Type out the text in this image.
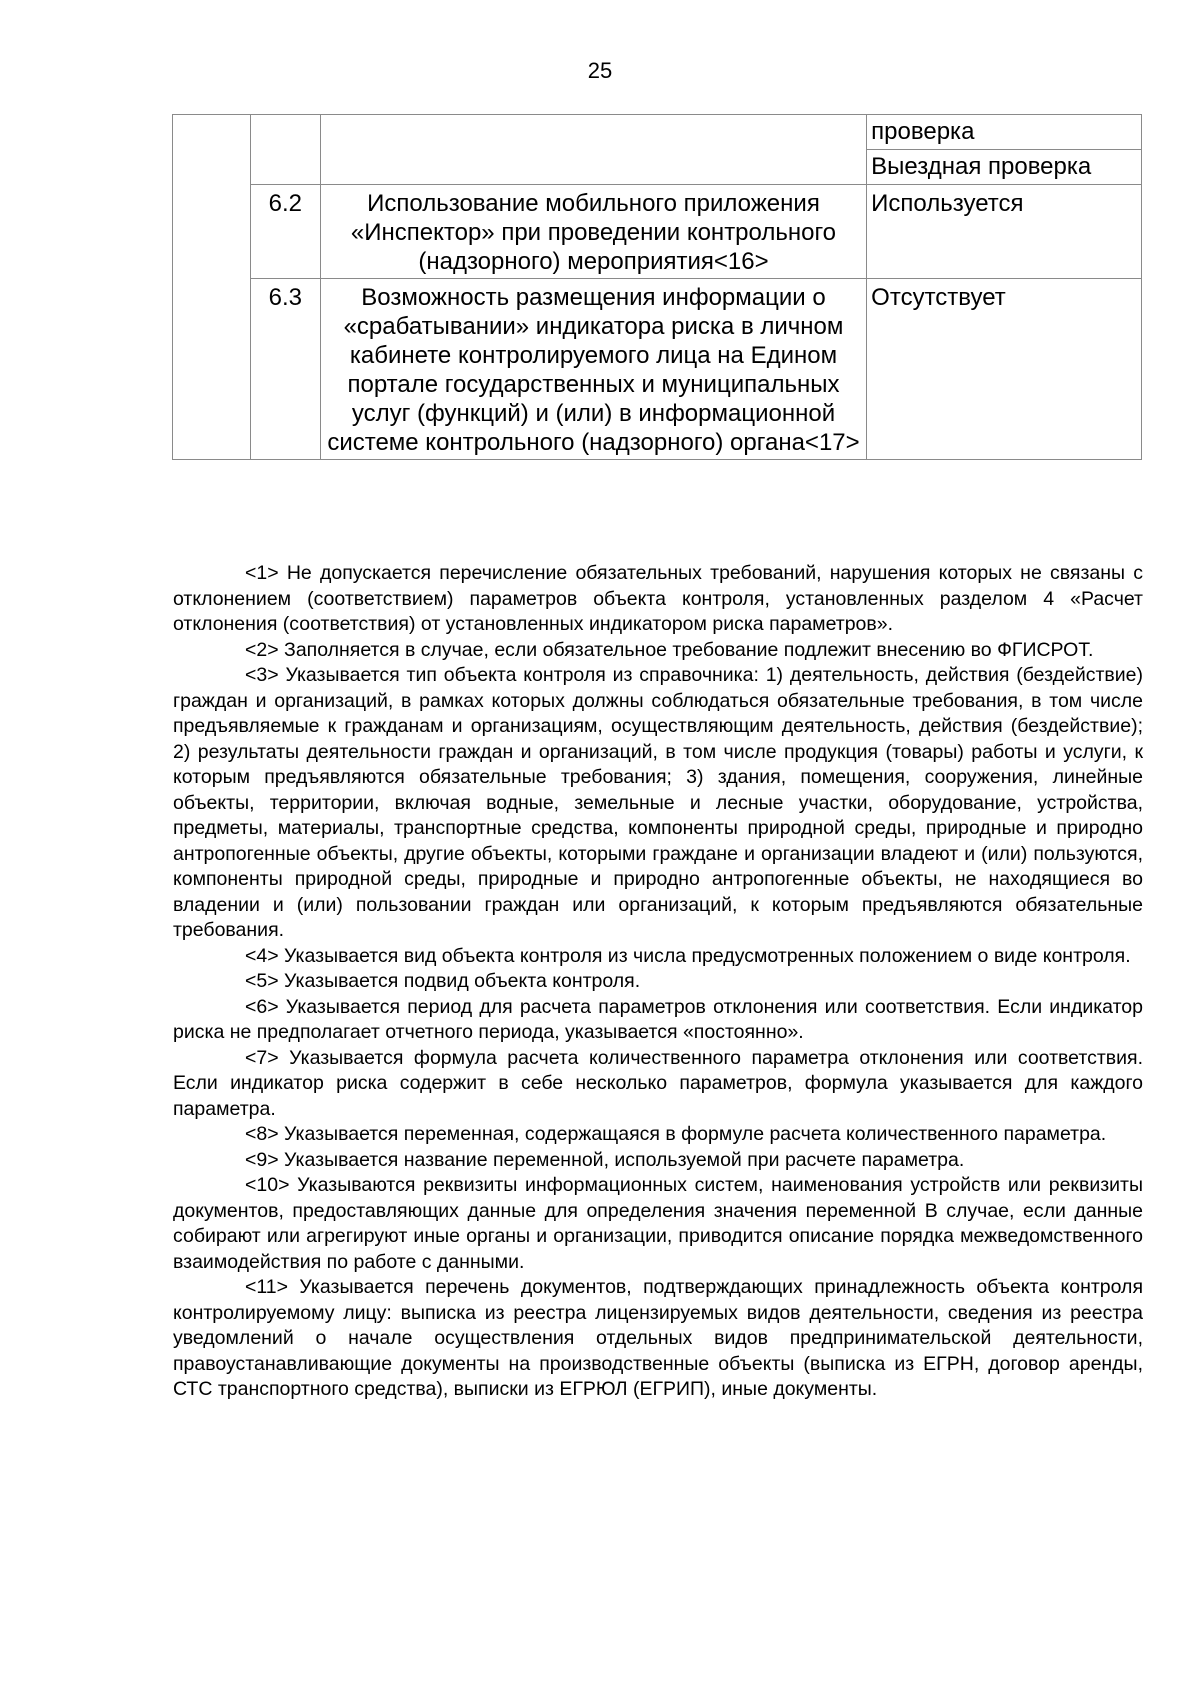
25
			проверка
			Выездная проверка
	6.2	Использование мобильного приложения «Инспектор» при проведении контрольного (надзорного) мероприятия<16>	Используется
	6.3	Возможность размещения информации о «срабатывании» индикатора риска в личном кабинете контролируемого лица на Едином портале государственных и муниципальных услуг (функций) и (или) в информационной системе контрольного (надзорного) органа<17>	Отсутствует

<1> Не допускается перечисление обязательных требований, нарушения которых не связаны с отклонением (соответствием) параметров объекта контроля, установленных разделом 4 «Расчет отклонения (соответствия) от установленных индикатором риска параметров».

<2> Заполняется в случае, если обязательное требование подлежит внесению во ФГИСРОТ.

<3> Указывается тип объекта контроля из справочника: 1) деятельность, действия (бездействие) граждан и организаций, в рамках которых должны соблюдаться обязательные требования, в том числе предъявляемые к гражданам и организациям, осуществляющим деятельность, действия (бездействие); 2) результаты деятельности граждан и организаций, в том числе продукция (товары) работы и услуги, к которым предъявляются обязательные требования; 3) здания, помещения, сооружения, линейные объекты, территории, включая водные, земельные и лесные участки, оборудование, устройства, предметы, материалы, транспортные средства, компоненты природной среды, природные и природно антропогенные объекты, другие объекты, которыми граждане и организации владеют и (или) пользуются, компоненты природной среды, природные и природно антропогенные объекты, не находящиеся во владении и (или) пользовании граждан или организаций, к которым предъявляются обязательные требования.

<4> Указывается вид объекта контроля из числа предусмотренных положением о виде контроля.

<5> Указывается подвид объекта контроля.

<6> Указывается период для расчета параметров отклонения или соответствия. Если индикатор риска не предполагает отчетного периода, указывается «постоянно».

<7> Указывается формула расчета количественного параметра отклонения или соответствия. Если индикатор риска содержит в себе несколько параметров, формула указывается для каждого параметра.

<8> Указывается переменная, содержащаяся в формуле расчета количественного параметра.

<9> Указывается название переменной, используемой при расчете параметра.

<10> Указываются реквизиты информационных систем, наименования устройств или реквизиты документов, предоставляющих данные для определения значения переменной В случае, если данные собирают или агрегируют иные органы и организации, приводится описание порядка межведомственного взаимодействия по работе с данными.

<11> Указывается перечень документов, подтверждающих принадлежность объекта контроля контролируемому лицу: выписка из реестра лицензируемых видов деятельности, сведения из реестра уведомлений о начале осуществления отдельных видов предпринимательской деятельности, правоустанавливающие документы на производственные объекты (выписка из ЕГРН, договор аренды, СТС транспортного средства), выписки из ЕГРЮЛ (ЕГРИП), иные документы.
